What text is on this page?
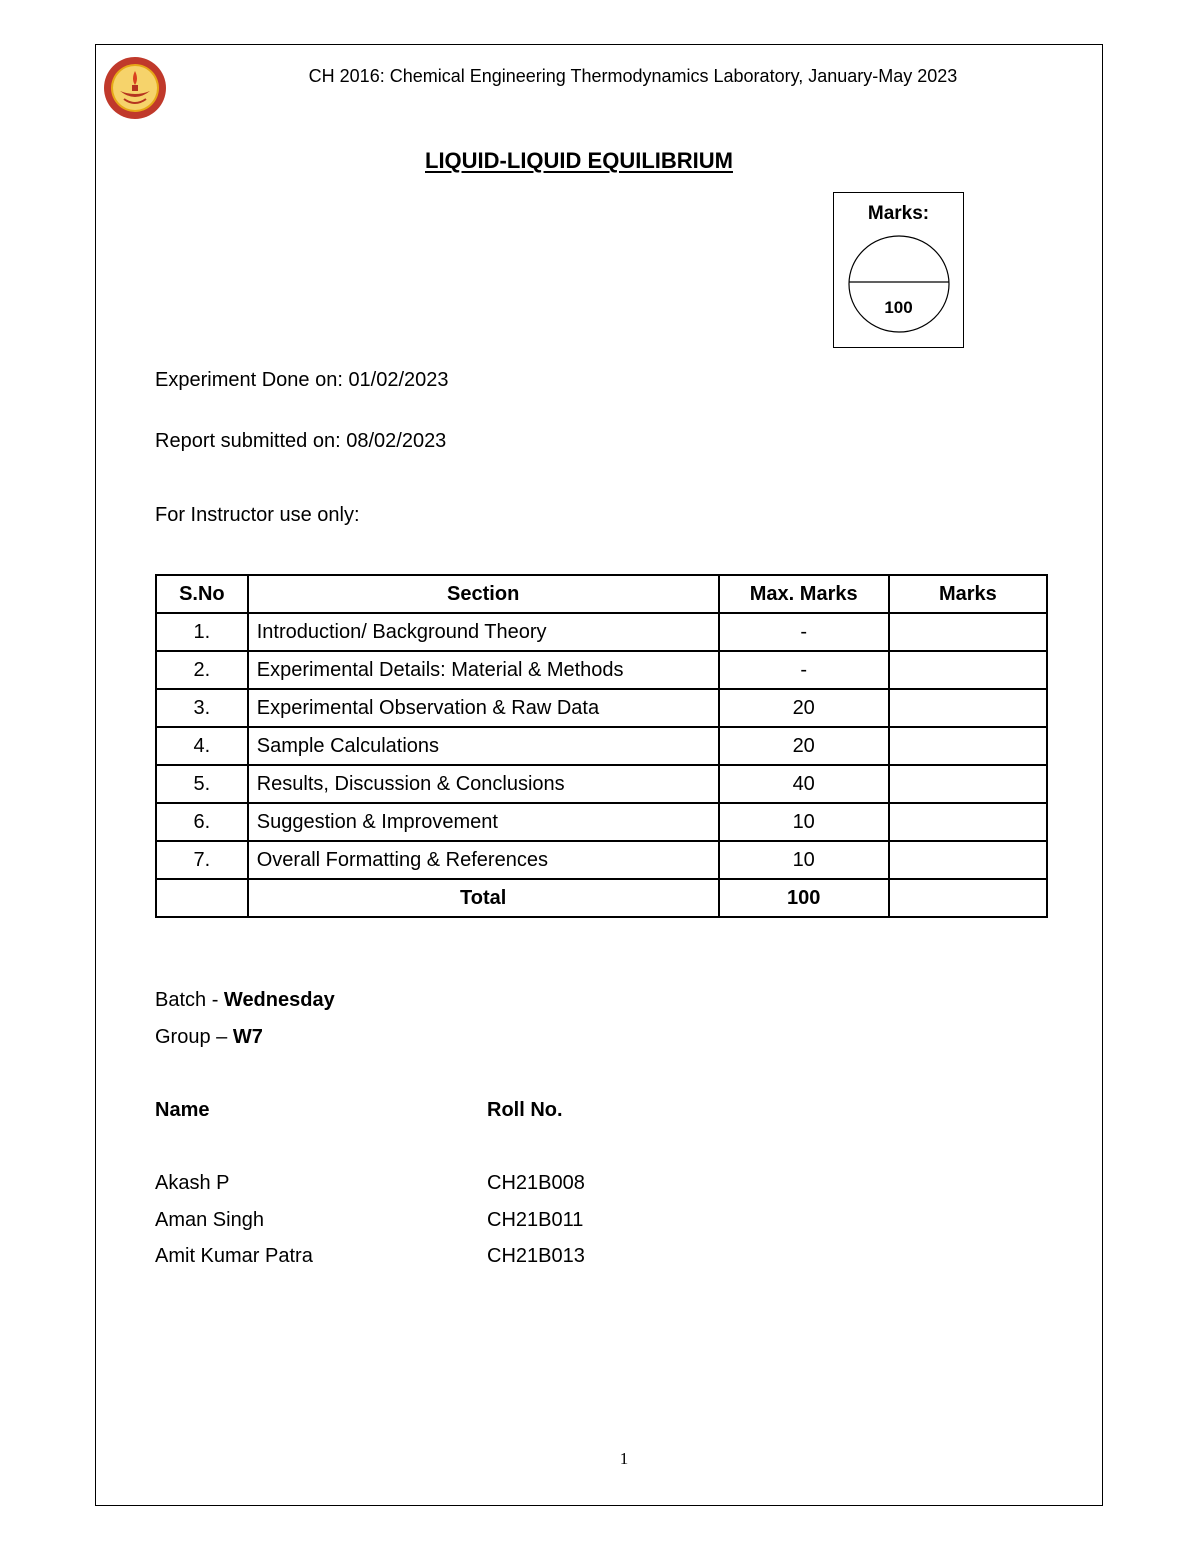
CH 2016: Chemical Engineering Thermodynamics Laboratory, January-May 2023
LIQUID-LIQUID EQUILIBRIUM
Marks:
100
Experiment Done on: 01/02/2023
Report submitted on: 08/02/2023
For Instructor use only:
S.No	Section	Max. Marks	Marks
1.	Introduction/ Background Theory	-	
2.	Experimental Details: Material & Methods	-	
3.	Experimental Observation & Raw Data	20	
4.	Sample Calculations	20	
5.	Results, Discussion & Conclusions	40	
6.	Suggestion & Improvement	10	
7.	Overall Formatting & References	10	
	Total	100	
Batch - Wednesday
Group – W7
Name	Roll No.
Akash P	CH21B008
Aman Singh	CH21B011
Amit Kumar Patra	CH21B013
1
